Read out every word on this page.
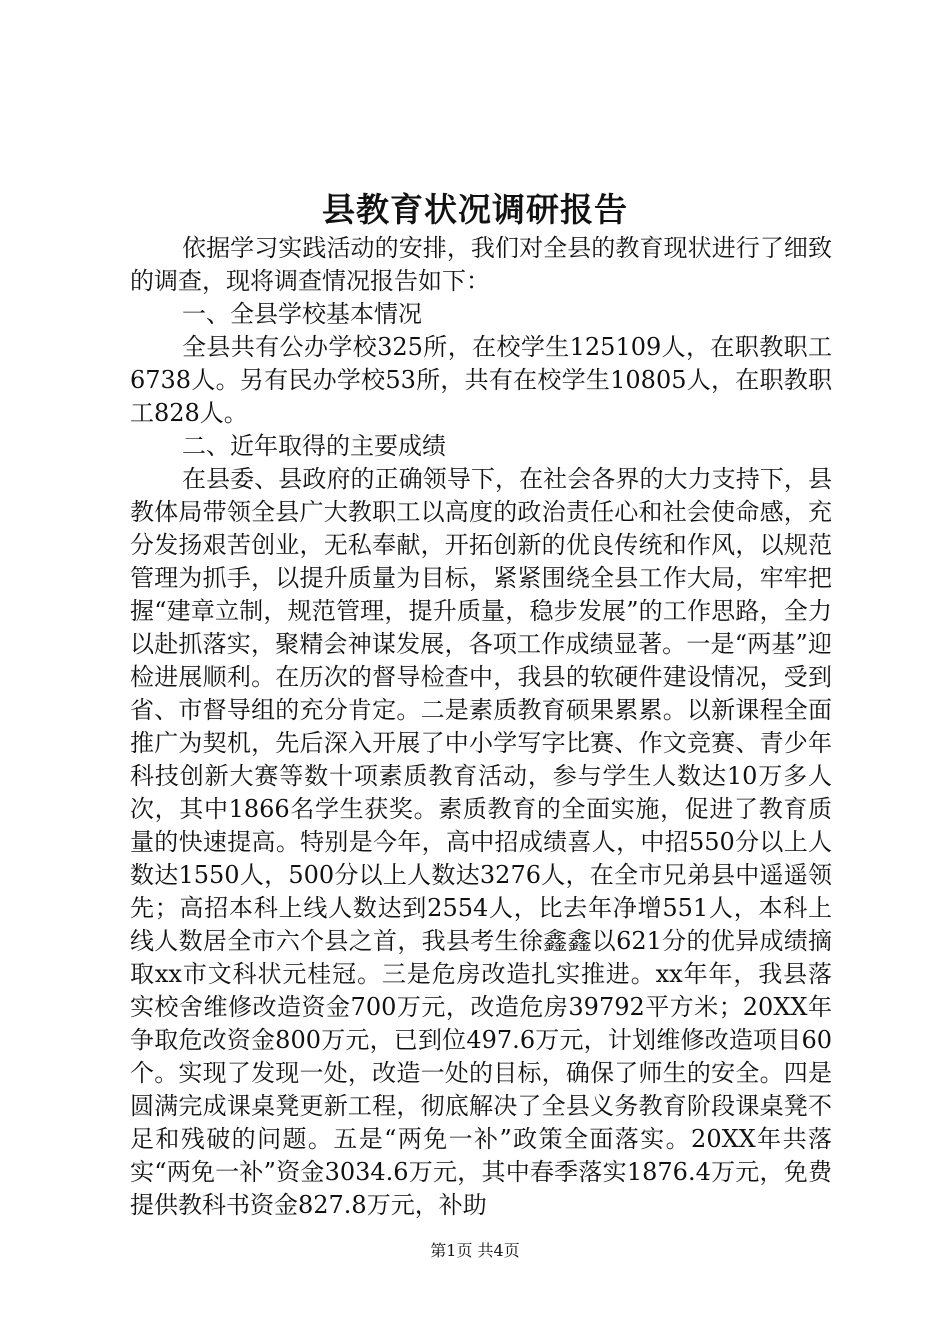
县教育状况调研报告

依据学习实践活动的安排，我们对全县的教育现状进行了细致的调查，现将调查情况报告如下：

一、全县学校基本情况

全县共有公办学校325所，在校学生125109人，在职教职工6738人。另有民办学校53所，共有在校学生10805人，在职教职工828人。

二、近年取得的主要成绩

在县委、县政府的正确领导下，在社会各界的大力支持下，县教体局带领全县广大教职工以高度的政治责任心和社会使命感，充分发扬艰苦创业，无私奉献，开拓创新的优良传统和作风，以规范管理为抓手，以提升质量为目标，紧紧围绕全县工作大局，牢牢把握“建章立制，规范管理，提升质量，稳步发展”的工作思路，全力以赴抓落实，聚精会神谋发展，各项工作成绩显著。一是“两基”迎检进展顺利。在历次的督导检查中，我县的软硬件建设情况，受到省、市督导组的充分肯定。二是素质教育硕果累累。以新课程全面推广为契机，先后深入开展了中小学写字比赛、作文竞赛、青少年科技创新大赛等数十项素质教育活动，参与学生人数达10万多人次，其中1866名学生获奖。素质教育的全面实施，促进了教育质量的快速提高。特别是今年，高中招成绩喜人，中招550分以上人数达1550人，500分以上人数达3276人，在全市兄弟县中遥遥领先；高招本科上线人数达到2554人，比去年净增551人，本科上线人数居全市六个县之首，我县考生徐鑫鑫以621分的优异成绩摘取xx市文科状元桂冠。三是危房改造扎实推进。xx年年，我县落实校舍维修改造资金700万元，改造危房39792平方米；20XX年争取危改资金800万元，已到位497.6万元，计划维修改造项目60个。实现了发现一处，改造一处的目标，确保了师生的安全。四是圆满完成课桌凳更新工程，彻底解决了全县义务教育阶段课桌凳不足和残破的问题。五是“两免一补”政策全面落实。20XX年共落实“两免一补”资金3034.6万元，其中春季落实1876.4万元，免费提供教科书资金827.8万元，补助

第1页 共4页
